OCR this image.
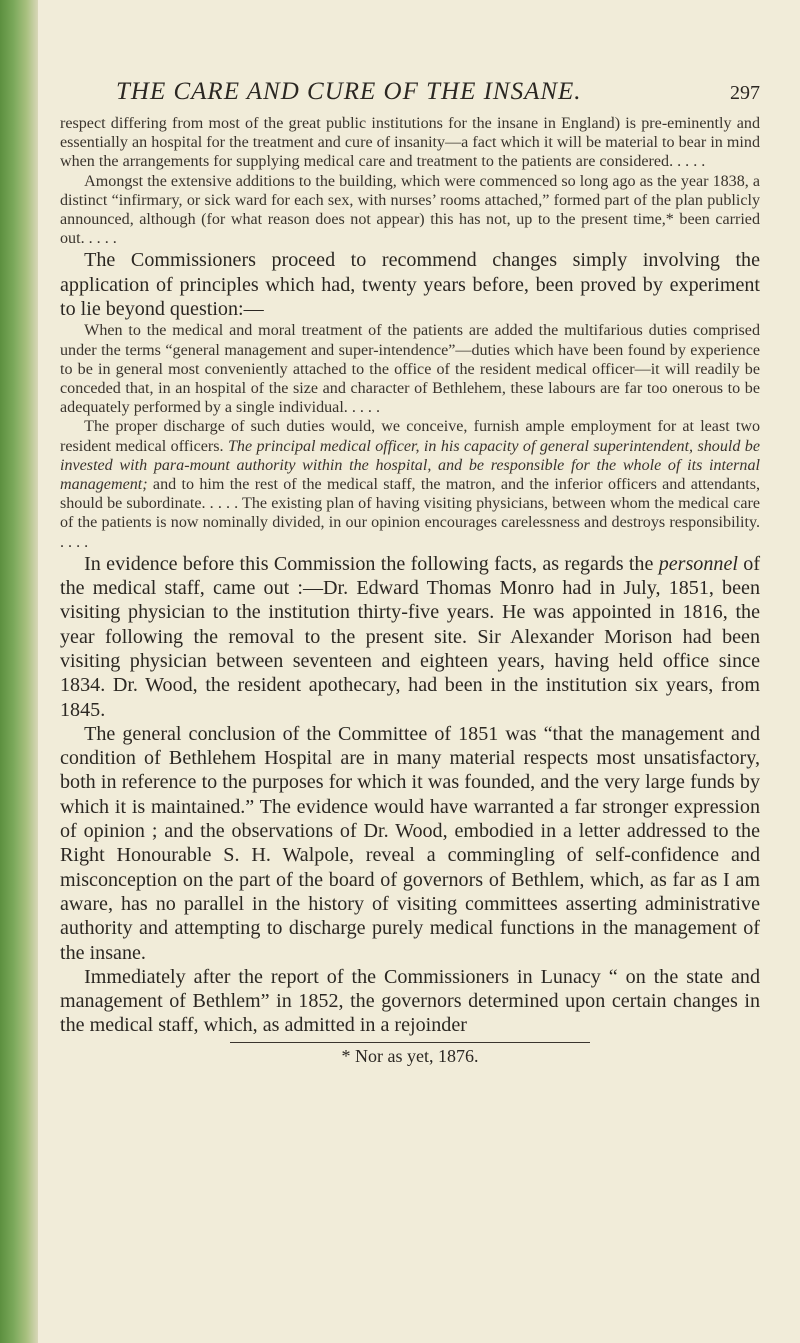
THE CARE AND CURE OF THE INSANE.	297

respect differing from most of the great public institutions for the insane in England) is pre-eminently and essentially an hospital for the treatment and cure of insanity—a fact which it will be material to bear in mind when the arrangements for supplying medical care and treatment to the patients are considered. . . . .

Amongst the extensive additions to the building, which were commenced so long ago as the year 1838, a distinct “infirmary, or sick ward for each sex, with nurses’ rooms attached,” formed part of the plan publicly announced, although (for what reason does not appear) this has not, up to the present time,* been carried out. . . . .

The Commissioners proceed to recommend changes simply involving the application of principles which had, twenty years before, been proved by experiment to lie beyond question:—

When to the medical and moral treatment of the patients are added the multifarious duties comprised under the terms “general management and super-intendence”—duties which have been found by experience to be in general most conveniently attached to the office of the resident medical officer—it will readily be conceded that, in an hospital of the size and character of Bethlehem, these labours are far too onerous to be adequately performed by a single individual. . . . .

The proper discharge of such duties would, we conceive, furnish ample employment for at least two resident medical officers. The principal medical officer, in his capacity of general superintendent, should be invested with para-mount authority within the hospital, and be responsible for the whole of its internal management; and to him the rest of the medical staff, the matron, and the inferior officers and attendants, should be subordinate. . . . . The existing plan of having visiting physicians, between whom the medical care of the patients is now nominally divided, in our opinion encourages carelessness and destroys responsibility. . . . .

In evidence before this Commission the following facts, as regards the personnel of the medical staff, came out :—Dr. Edward Thomas Monro had in July, 1851, been visiting physician to the institution thirty-five years. He was appointed in 1816, the year following the removal to the present site. Sir Alexander Morison had been visiting physician between seventeen and eighteen years, having held office since 1834. Dr. Wood, the resident apothecary, had been in the institution six years, from 1845.

The general conclusion of the Committee of 1851 was “that the management and condition of Bethlehem Hospital are in many material respects most unsatisfactory, both in reference to the purposes for which it was founded, and the very large funds by which it is maintained.” The evidence would have warranted a far stronger expression of opinion ; and the observations of Dr. Wood, embodied in a letter addressed to the Right Honourable S. H. Walpole, reveal a commingling of self-confidence and misconception on the part of the board of governors of Bethlem, which, as far as I am aware, has no parallel in the history of visiting committees asserting administrative authority and attempting to discharge purely medical functions in the management of the insane.

Immediately after the report of the Commissioners in Lunacy “ on the state and management of Bethlem” in 1852, the governors determined upon certain changes in the medical staff, which, as admitted in a rejoinder

* Nor as yet, 1876.
